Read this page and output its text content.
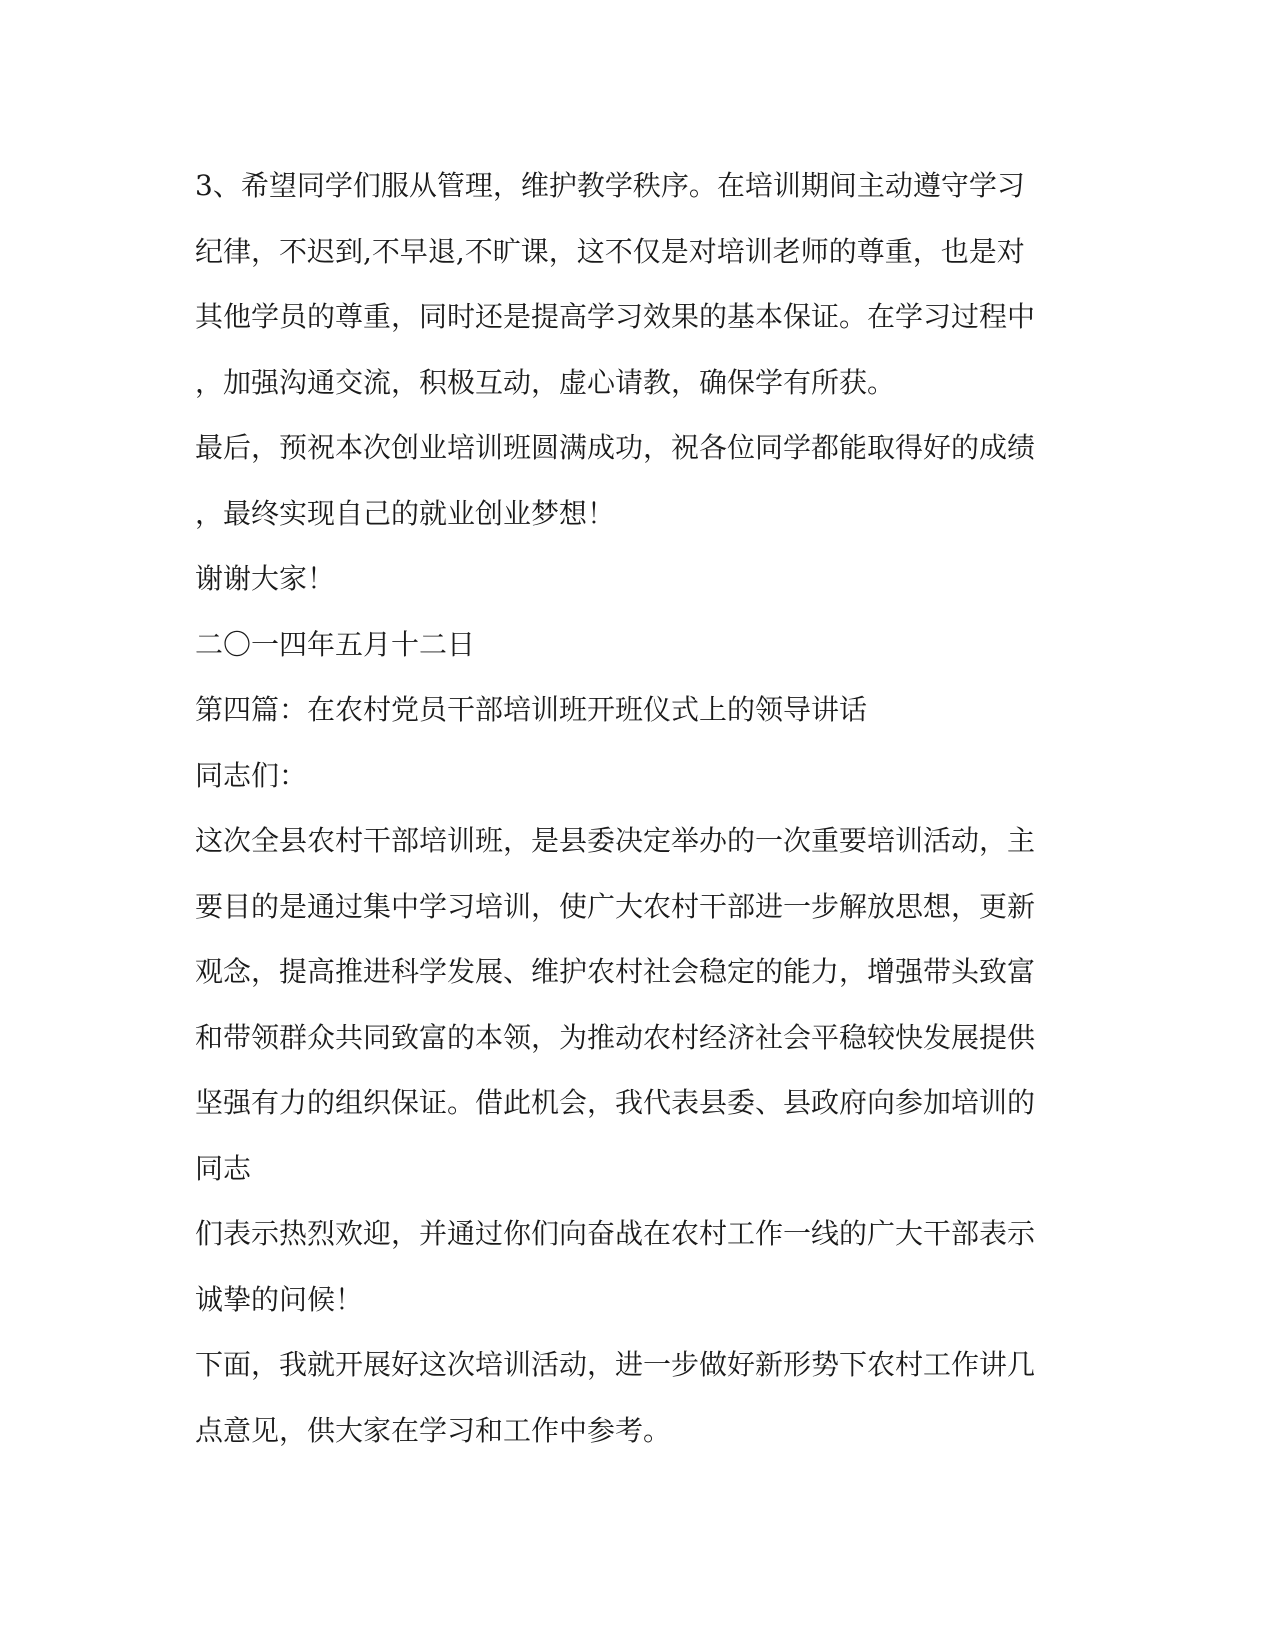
3、希望同学们服从管理，维护教学秩序。在培训期间主动遵守学习
纪律，不迟到,不早退,不旷课，这不仅是对培训老师的尊重，也是对
其他学员的尊重，同时还是提高学习效果的基本保证。在学习过程中
，加强沟通交流，积极互动，虚心请教，确保学有所获。
最后，预祝本次创业培训班圆满成功，祝各位同学都能取得好的成绩
，最终实现自己的就业创业梦想！
谢谢大家！
二〇一四年五月十二日
第四篇：在农村党员干部培训班开班仪式上的领导讲话
同志们：
这次全县农村干部培训班，是县委决定举办的一次重要培训活动，主
要目的是通过集中学习培训，使广大农村干部进一步解放思想，更新
观念，提高推进科学发展、维护农村社会稳定的能力，增强带头致富
和带领群众共同致富的本领，为推动农村经济社会平稳较快发展提供
坚强有力的组织保证。借此机会，我代表县委、县政府向参加培训的
同志
们表示热烈欢迎，并通过你们向奋战在农村工作一线的广大干部表示
诚挚的问候！
下面，我就开展好这次培训活动，进一步做好新形势下农村工作讲几
点意见，供大家在学习和工作中参考。
